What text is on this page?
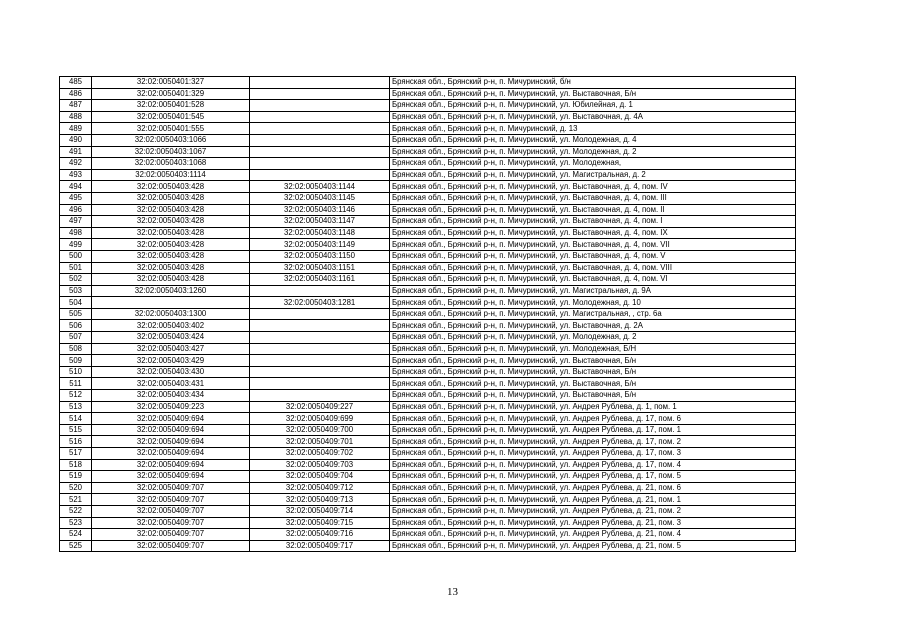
485	32:02:0050401:327		Брянская обл., Брянский р-н, п. Мичуринский, б/н
486	32:02:0050401:329		Брянская обл., Брянский р-н, п. Мичуринский, ул. Выставочная, Б/н
487	32:02:0050401:528		Брянская обл., Брянский р-н, п. Мичуринский, ул. Юбилейная, д. 1
488	32:02:0050401:545		Брянская обл., Брянский р-н, п. Мичуринский, ул. Выставочная, д. 4А
489	32:02:0050401:555		Брянская обл., Брянский р-н, п. Мичуринский, д. 13
490	32:02:0050403:1066		Брянская обл., Брянский р-н, п. Мичуринский, ул. Молодежная, д. 4
491	32:02:0050403:1067		Брянская обл., Брянский р-н, п. Мичуринский, ул. Молодежная, д. 2
492	32:02:0050403:1068		Брянская обл., Брянский р-н, п. Мичуринский, ул. Молодежная,
493	32:02:0050403:1114		Брянская обл., Брянский р-н, п. Мичуринский, ул. Магистральная, д. 2
494	32:02:0050403:428	32:02:0050403:1144	Брянская обл., Брянский р-н, п. Мичуринский, ул. Выставочная, д. 4, пом. IV
495	32:02:0050403:428	32:02:0050403:1145	Брянская обл., Брянский р-н, п. Мичуринский, ул. Выставочная, д. 4, пом. III
496	32:02:0050403:428	32:02:0050403:1146	Брянская обл., Брянский р-н, п. Мичуринский, ул. Выставочная, д. 4, пом. II
497	32:02:0050403:428	32:02:0050403:1147	Брянская обл., Брянский р-н, п. Мичуринский, ул. Выставочная, д. 4, пом. I
498	32:02:0050403:428	32:02:0050403:1148	Брянская обл., Брянский р-н, п. Мичуринский, ул. Выставочная, д. 4, пом. IX
499	32:02:0050403:428	32:02:0050403:1149	Брянская обл., Брянский р-н, п. Мичуринский, ул. Выставочная, д. 4, пом. VII
500	32:02:0050403:428	32:02:0050403:1150	Брянская обл., Брянский р-н, п. Мичуринский, ул. Выставочная, д. 4, пом. V
501	32:02:0050403:428	32:02:0050403:1151	Брянская обл., Брянский р-н, п. Мичуринский, ул. Выставочная, д. 4, пом. VIII
502	32:02:0050403:428	32:02:0050403:1161	Брянская обл., Брянский р-н, п. Мичуринский, ул. Выставочная, д. 4, пом. VI
503	32:02:0050403:1260		Брянская обл., Брянский р-н, п. Мичуринский, ул. Магистральная, д. 9А
504		32:02:0050403:1281	Брянская обл., Брянский р-н, п. Мичуринский, ул. Молодежная, д. 10
505	32:02:0050403:1300		Брянская обл., Брянский р-н, п. Мичуринский, ул. Магистральная, , стр. 6а
506	32:02:0050403:402		Брянская обл., Брянский р-н, п. Мичуринский, ул. Выставочная, д. 2А
507	32:02:0050403:424		Брянская обл., Брянский р-н, п. Мичуринский, ул. Молодежная, д. 2
508	32:02:0050403:427		Брянская обл., Брянский р-н, п. Мичуринский, ул. Молодежная, Б/Н
509	32:02:0050403:429		Брянская обл., Брянский р-н, п. Мичуринский, ул. Выставочная, Б/н
510	32:02:0050403:430		Брянская обл., Брянский р-н, п. Мичуринский, ул. Выставочная, Б/н
511	32:02:0050403:431		Брянская обл., Брянский р-н, п. Мичуринский, ул. Выставочная, Б/н
512	32:02:0050403:434		Брянская обл., Брянский р-н, п. Мичуринский, ул. Выставочная, Б/н
513	32:02:0050409:223	32:02:0050409:227	Брянская обл., Брянский р-н, п. Мичуринский, ул. Андрея Рублева, д. 1, пом. 1
514	32:02:0050409:694	32:02:0050409:699	Брянская обл., Брянский р-н, п. Мичуринский, ул. Андрея Рублева, д. 17, пом. 6
515	32:02:0050409:694	32:02:0050409:700	Брянская обл., Брянский р-н, п. Мичуринский, ул. Андрея Рублева, д. 17, пом. 1
516	32:02:0050409:694	32:02:0050409:701	Брянская обл., Брянский р-н, п. Мичуринский, ул. Андрея Рублева, д. 17, пом. 2
517	32:02:0050409:694	32:02:0050409:702	Брянская обл., Брянский р-н, п. Мичуринский, ул. Андрея Рублева, д. 17, пом. 3
518	32:02:0050409:694	32:02:0050409:703	Брянская обл., Брянский р-н, п. Мичуринский, ул. Андрея Рублева, д. 17, пом. 4
519	32:02:0050409:694	32:02:0050409:704	Брянская обл., Брянский р-н, п. Мичуринский, ул. Андрея Рублева, д. 17, пом. 5
520	32:02:0050409:707	32:02:0050409:712	Брянская обл., Брянский р-н, п. Мичуринский, ул. Андрея Рублева, д. 21, пом. 6
521	32:02:0050409:707	32:02:0050409:713	Брянская обл., Брянский р-н, п. Мичуринский, ул. Андрея Рублева, д. 21, пом. 1
522	32:02:0050409:707	32:02:0050409:714	Брянская обл., Брянский р-н, п. Мичуринский, ул. Андрея Рублева, д. 21, пом. 2
523	32:02:0050409:707	32:02:0050409:715	Брянская обл., Брянский р-н, п. Мичуринский, ул. Андрея Рублева, д. 21, пом. 3
524	32:02:0050409:707	32:02:0050409:716	Брянская обл., Брянский р-н, п. Мичуринский, ул. Андрея Рублева, д. 21, пом. 4
525	32:02:0050409:707	32:02:0050409:717	Брянская обл., Брянский р-н, п. Мичуринский, ул. Андрея Рублева, д. 21, пом. 5
13
